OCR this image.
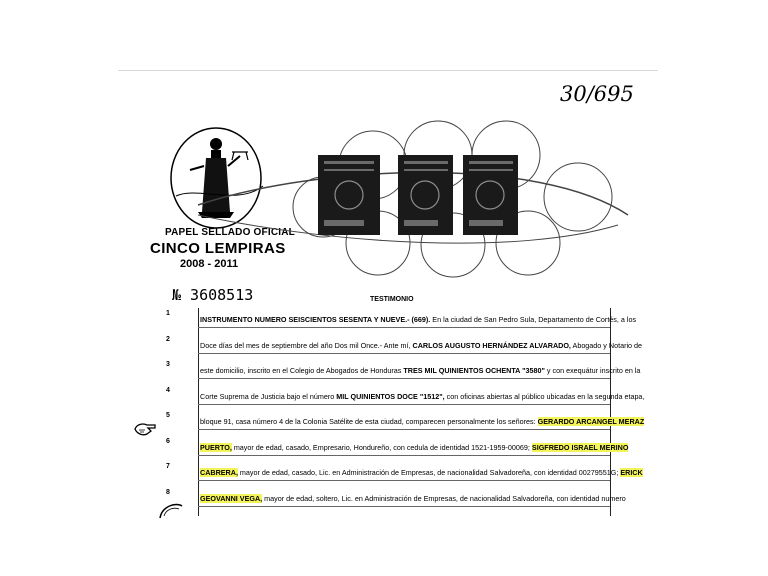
30/695
PAPEL SELLADO OFICIAL
CINCO LEMPIRAS
2008 - 2011
№ 3608513	TESTIMONIO
1
2
3
4
5
6
7
8
INSTRUMENTO NUMERO SEISCIENTOS SESENTA Y NUEVE.- (669). En la ciudad de San Pedro Sula, Departamento de Cortés, a los
Doce días del mes de septiembre del año Dos mil Once.- Ante mí, CARLOS AUGUSTO HERNÁNDEZ ALVARADO, Abogado y Notario de
este domicilio, inscrito en el Colegio de Abogados de Honduras TRES MIL QUINIENTOS OCHENTA "3580" y con exequátur inscrito en la
Corte Suprema de Justicia bajo el número MIL QUINIENTOS DOCE "1512", con oficinas abiertas al público ubicadas en la segunda etapa,
bloque 91, casa número 4 de la Colonia Satélite de esta ciudad, comparecen personalmente los señores: GERARDO ARCANGEL MERAZ
PUERTO, mayor de edad, casado, Empresario, Hondureño, con cedula de identidad 1521-1959-00069; SIGFREDO ISRAEL MERINO
CABRERA, mayor de edad, casado, Lic. en Administración de Empresas, de nacionalidad Salvadoreña, con identidad 00279551G; ERICK
GEOVANNI VEGA, mayor de edad, soltero, Lic. en Administración de Empresas, de nacionalidad Salvadoreña, con identidad numero
